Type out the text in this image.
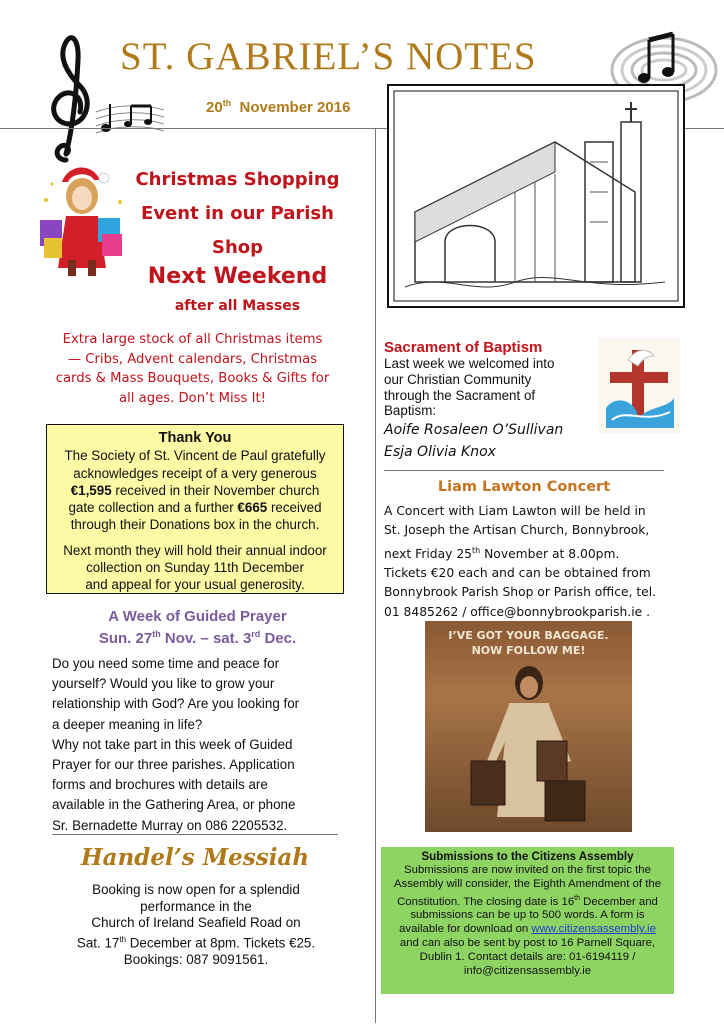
ST. GABRIEL’S NOTES
20th November 2016
Christmas Shopping
Event in our Parish
Shop
Next Weekend
after all Masses
Extra large stock of all Christmas items
— Cribs, Advent calendars, Christmas
cards & Mass Bouquets, Books & Gifts for
all ages. Don’t Miss It!

Thank You

The Society of St. Vincent de Paul gratefully

acknowledges receipt of a very generous

€1,595 received in their November church

gate collection and a further €665 received

through their Donations box in the church.

Next month they will hold their annual indoor

collection on Sunday 11th December

and appeal for your usual generosity.

A Week of Guided Prayer
Sun. 27th Nov. – sat. 3rd Dec.
Do you need some time and peace for
yourself? Would you like to grow your
relationship with God? Are you looking for
a deeper meaning in life?
Why not take part in this week of Guided
Prayer for our three parishes. Application
forms and brochures with details are
available in the Gathering Area, or phone
Sr. Bernadette Murray on 086 2205532.
Handel’s Messiah
Booking is now open for a splendid
performance in the
Church of Ireland Seafield Road on
Sat. 17th December at 8pm. Tickets €25.
Bookings: 087 9091561.
Sacrament of Baptism
Last week we welcomed into
our Christian Community
through the Sacrament of
Baptism:
Aoife Rosaleen O’Sullivan
Esja Olivia Knox
Liam Lawton Concert
A Concert with Liam Lawton will be held in
St. Joseph the Artisan Church, Bonnybrook,
next Friday 25th November at 8.00pm.
Tickets €20 each and can be obtained from
Bonnybrook Parish Shop or Parish office, tel.
01 8485262 / office@bonnybrookparish.ie .
I’VE GOT YOUR BAGGAGE.
NOW FOLLOW ME!

Submissions to the Citizens Assembly

Submissions are now invited on the first topic the

Assembly will consider, the Eighth Amendment of the

Constitution. The closing date is 16th December and

submissions can be up to 500 words. A form is

available for download on www.citizensassembly.ie

and can also be sent by post to 16 Parnell Square,

Dublin 1. Contact details are: 01-6194119 /

info@citizensassembly.ie
